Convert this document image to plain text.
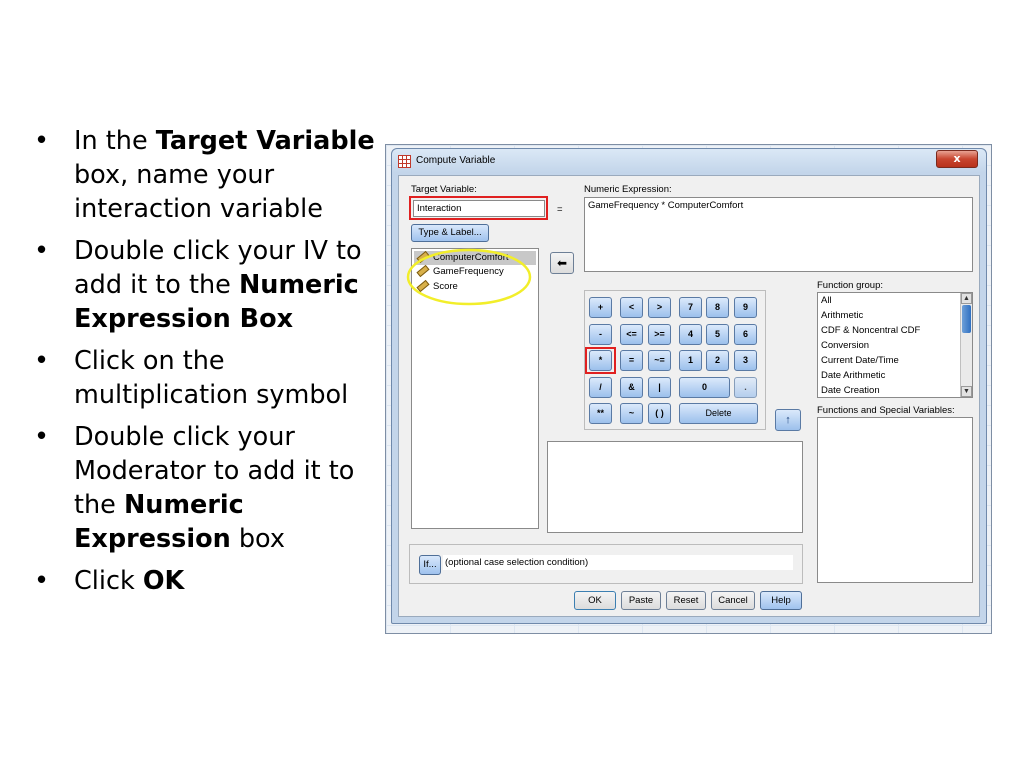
• In the Target Variable box, name your interaction variable
• Double click your IV to add it to the Numeric Expression Box
• Click on the multiplication symbol
• Double click your Moderator to add it to the Numeric Expression box
• Click OK
Compute Variable	x
Target Variable:
Interaction	=
Numeric Expression:
GameFrequency * ComputerComfort
Type & Label...
ComputerComfort
GameFrequency
Score
⬅
+	<	>	7	8	9
-	<=	>=	4	5	6
*	=	~=	1	2	3
/	&	|	0	.
**	~	( )	Delete
↑
Function group:
All
Arithmetic
CDF & Noncentral CDF
Conversion
Current Date/Time
Date Arithmetic
Date Creation
▲
▼
Functions and Special Variables:
If... (optional case selection condition)
OK	Paste	Reset	Cancel	Help
